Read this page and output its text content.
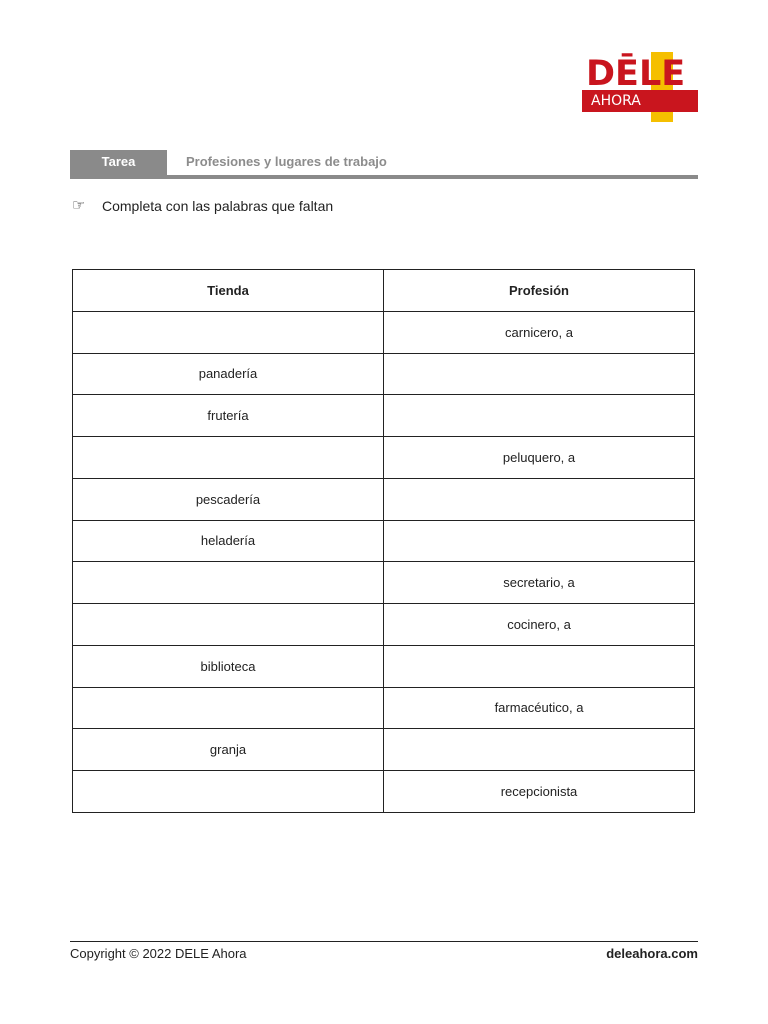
DĒLE
AHORA
Tarea	Profesiones y lugares de trabajo
☞	Completa con las palabras que faltan
Tienda	Profesión
	carnicero, a
panadería	
frutería	
	peluquero, a
pescadería	
heladería	
	secretario, a
	cocinero, a
biblioteca	
	farmacéutico, a
granja	
	recepcionista
Copyright © 2022 DELE Ahora	deleahora.com
